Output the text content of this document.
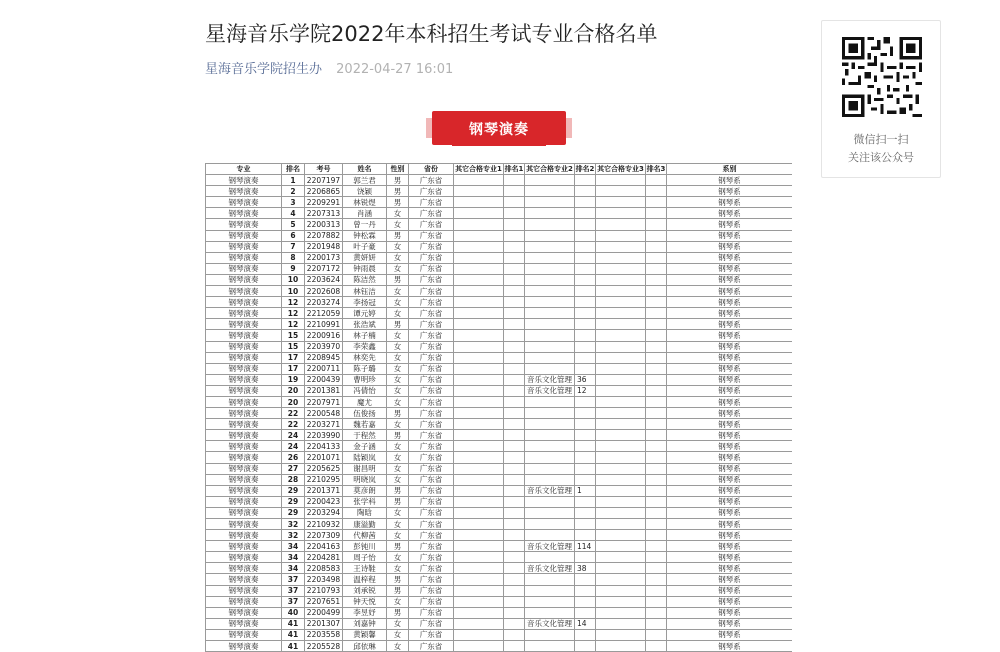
星海音乐学院2022年本科招生考试专业合格名单
星海音乐学院招生办 2022-04-27 16:01
微信扫一扫
关注该公众号
钢琴演奏
专业	排名	考号	姓名	性别	省份	其它合格专业1	排名1	其它合格专业2	排名2	其它合格专业3	排名3	系别
钢琴演奏	1	2207197	郭兰君	男	广东省							钢琴系
钢琴演奏	2	2206865	饶颖	男	广东省							钢琴系
钢琴演奏	3	2209291	林锐煜	男	广东省							钢琴系
钢琴演奏	4	2207313	肖涵	女	广东省							钢琴系
钢琴演奏	5	2200313	曾一丹	女	广东省							钢琴系
钢琴演奏	6	2207882	钟松霖	男	广东省							钢琴系
钢琴演奏	7	2201948	叶子豪	女	广东省							钢琴系
钢琴演奏	8	2200173	黄妍妍	女	广东省							钢琴系
钢琴演奏	9	2207172	钟雨晨	女	广东省							钢琴系
钢琴演奏	10	2203624	陈洁然	男	广东省							钢琴系
钢琴演奏	10	2202608	林钰洁	女	广东省							钢琴系
钢琴演奏	12	2203274	李扬冠	女	广东省							钢琴系
钢琴演奏	12	2212059	谭元婷	女	广东省							钢琴系
钢琴演奏	12	2210991	张浩斌	男	广东省							钢琴系
钢琴演奏	15	2200916	林子楠	女	广东省							钢琴系
钢琴演奏	15	2203970	李荣鑫	女	广东省							钢琴系
钢琴演奏	17	2208945	林奕先	女	广东省							钢琴系
钢琴演奏	17	2200711	陈子璐	女	广东省							钢琴系
钢琴演奏	19	2200439	曹明珍	女	广东省			音乐文化管理	36			钢琴系
钢琴演奏	20	2201381	冯倩怡	女	广东省			音乐文化管理	12			钢琴系
钢琴演奏	20	2207971	魔尤	女	广东省							钢琴系
钢琴演奏	22	2200548	伍俊扬	男	广东省							钢琴系
钢琴演奏	22	2203271	魏若嘉	女	广东省							钢琴系
钢琴演奏	24	2203990	于程然	男	广东省							钢琴系
钢琴演奏	24	2204133	金子涵	女	广东省							钢琴系
钢琴演奏	26	2201071	陆颖岚	女	广东省							钢琴系
钢琴演奏	27	2205625	谢昌明	女	广东省							钢琴系
钢琴演奏	28	2210295	明晓岚	女	广东省							钢琴系
钢琴演奏	29	2201371	莫彦朗	男	广东省			音乐文化管理	1			钢琴系
钢琴演奏	29	2200423	张学科	男	广东省							钢琴系
钢琴演奏	29	2203294	陶晗	女	广东省							钢琴系
钢琴演奏	32	2210932	康溢勤	女	广东省							钢琴系
钢琴演奏	32	2207309	代柳茜	女	广东省							钢琴系
钢琴演奏	34	2204163	彭钝川	男	广东省			音乐文化管理	114			钢琴系
钢琴演奏	34	2204281	周子怡	女	广东省							钢琴系
钢琴演奏	34	2208583	王诗鞋	女	广东省			音乐文化管理	38			钢琴系
钢琴演奏	37	2203498	温梓程	男	广东省							钢琴系
钢琴演奏	37	2210793	刘承锐	男	广东省							钢琴系
钢琴演奏	37	2207651	钟天悦	女	广东省							钢琴系
钢琴演奏	40	2200499	李昱妤	男	广东省							钢琴系
钢琴演奏	41	2201307	刘嘉钟	女	广东省			音乐文化管理	14			钢琴系
钢琴演奏	41	2203558	黄颖馨	女	广东省							钢琴系
钢琴演奏	41	2205528	邱依琳	女	广东省							钢琴系
